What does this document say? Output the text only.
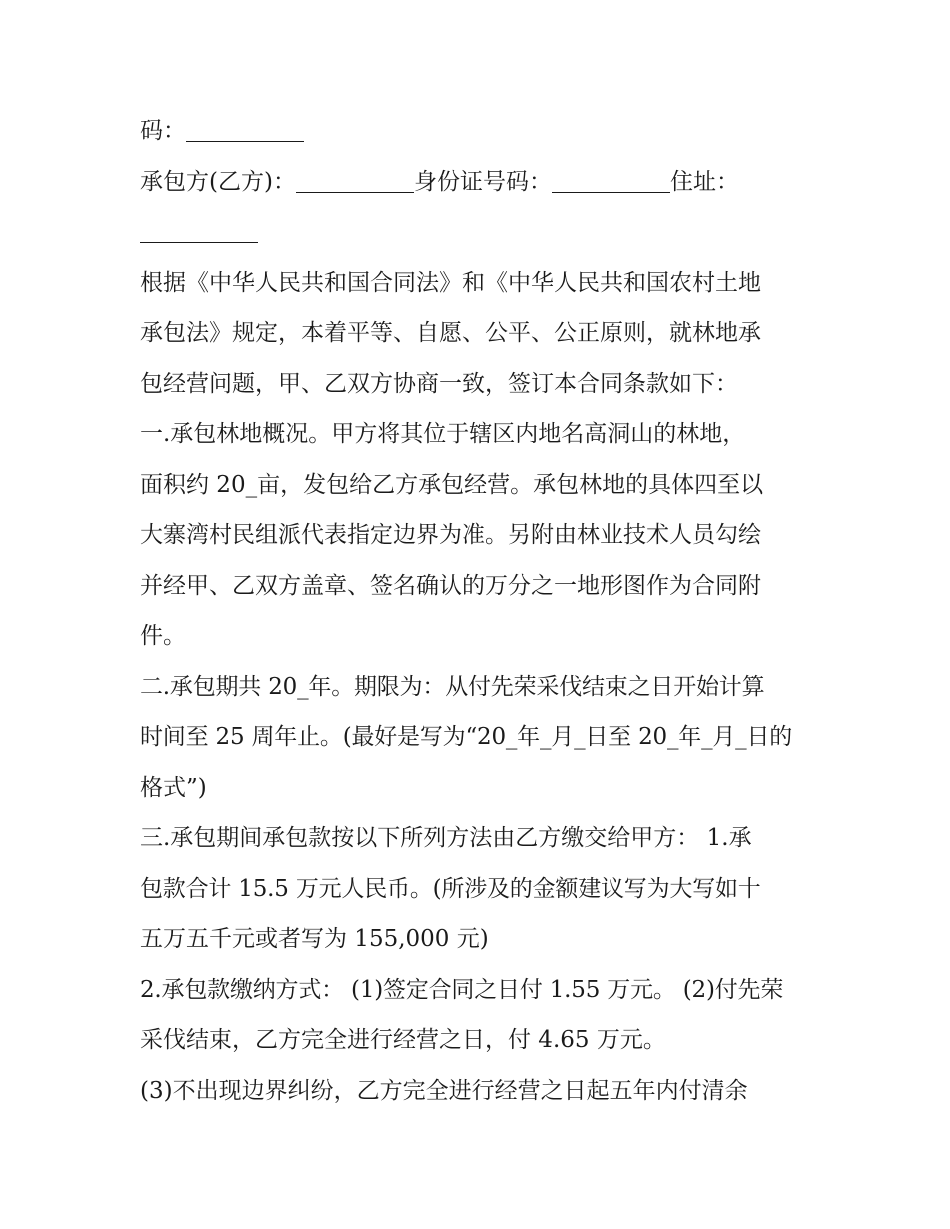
码：
承包方(乙方)：	身份证号码：	住址：
根据《中华人民共和国合同法》和《中华人民共和国农村土地
承包法》规定，本着平等、自愿、公平、公正原则，就林地承
包经营问题，甲、乙双方协商一致，签订本合同条款如下：
一.承包林地概况。甲方将其位于辖区内地名高洞山的林地，
面积约 20_亩，发包给乙方承包经营。承包林地的具体四至以
大寨湾村民组派代表指定边界为准。另附由林业技术人员勾绘
并经甲、乙双方盖章、签名确认的万分之一地形图作为合同附
件。
二.承包期共 20_年。期限为：从付先荣采伐结束之日开始计算
时间至 25 周年止。(最好是写为“20_年_月_日至 20_年_月_日的
格式”)
三.承包期间承包款按以下所列方法由乙方缴交给甲方： 1.承
包款合计 15.5 万元人民币。(所涉及的金额建议写为大写如十
五万五千元或者写为 155,000 元)
2.承包款缴纳方式： (1)签定合同之日付 1.55 万元。 (2)付先荣
采伐结束，乙方完全进行经营之日，付 4.65 万元。
(3)不出现边界纠纷，乙方完全进行经营之日起五年内付清余
